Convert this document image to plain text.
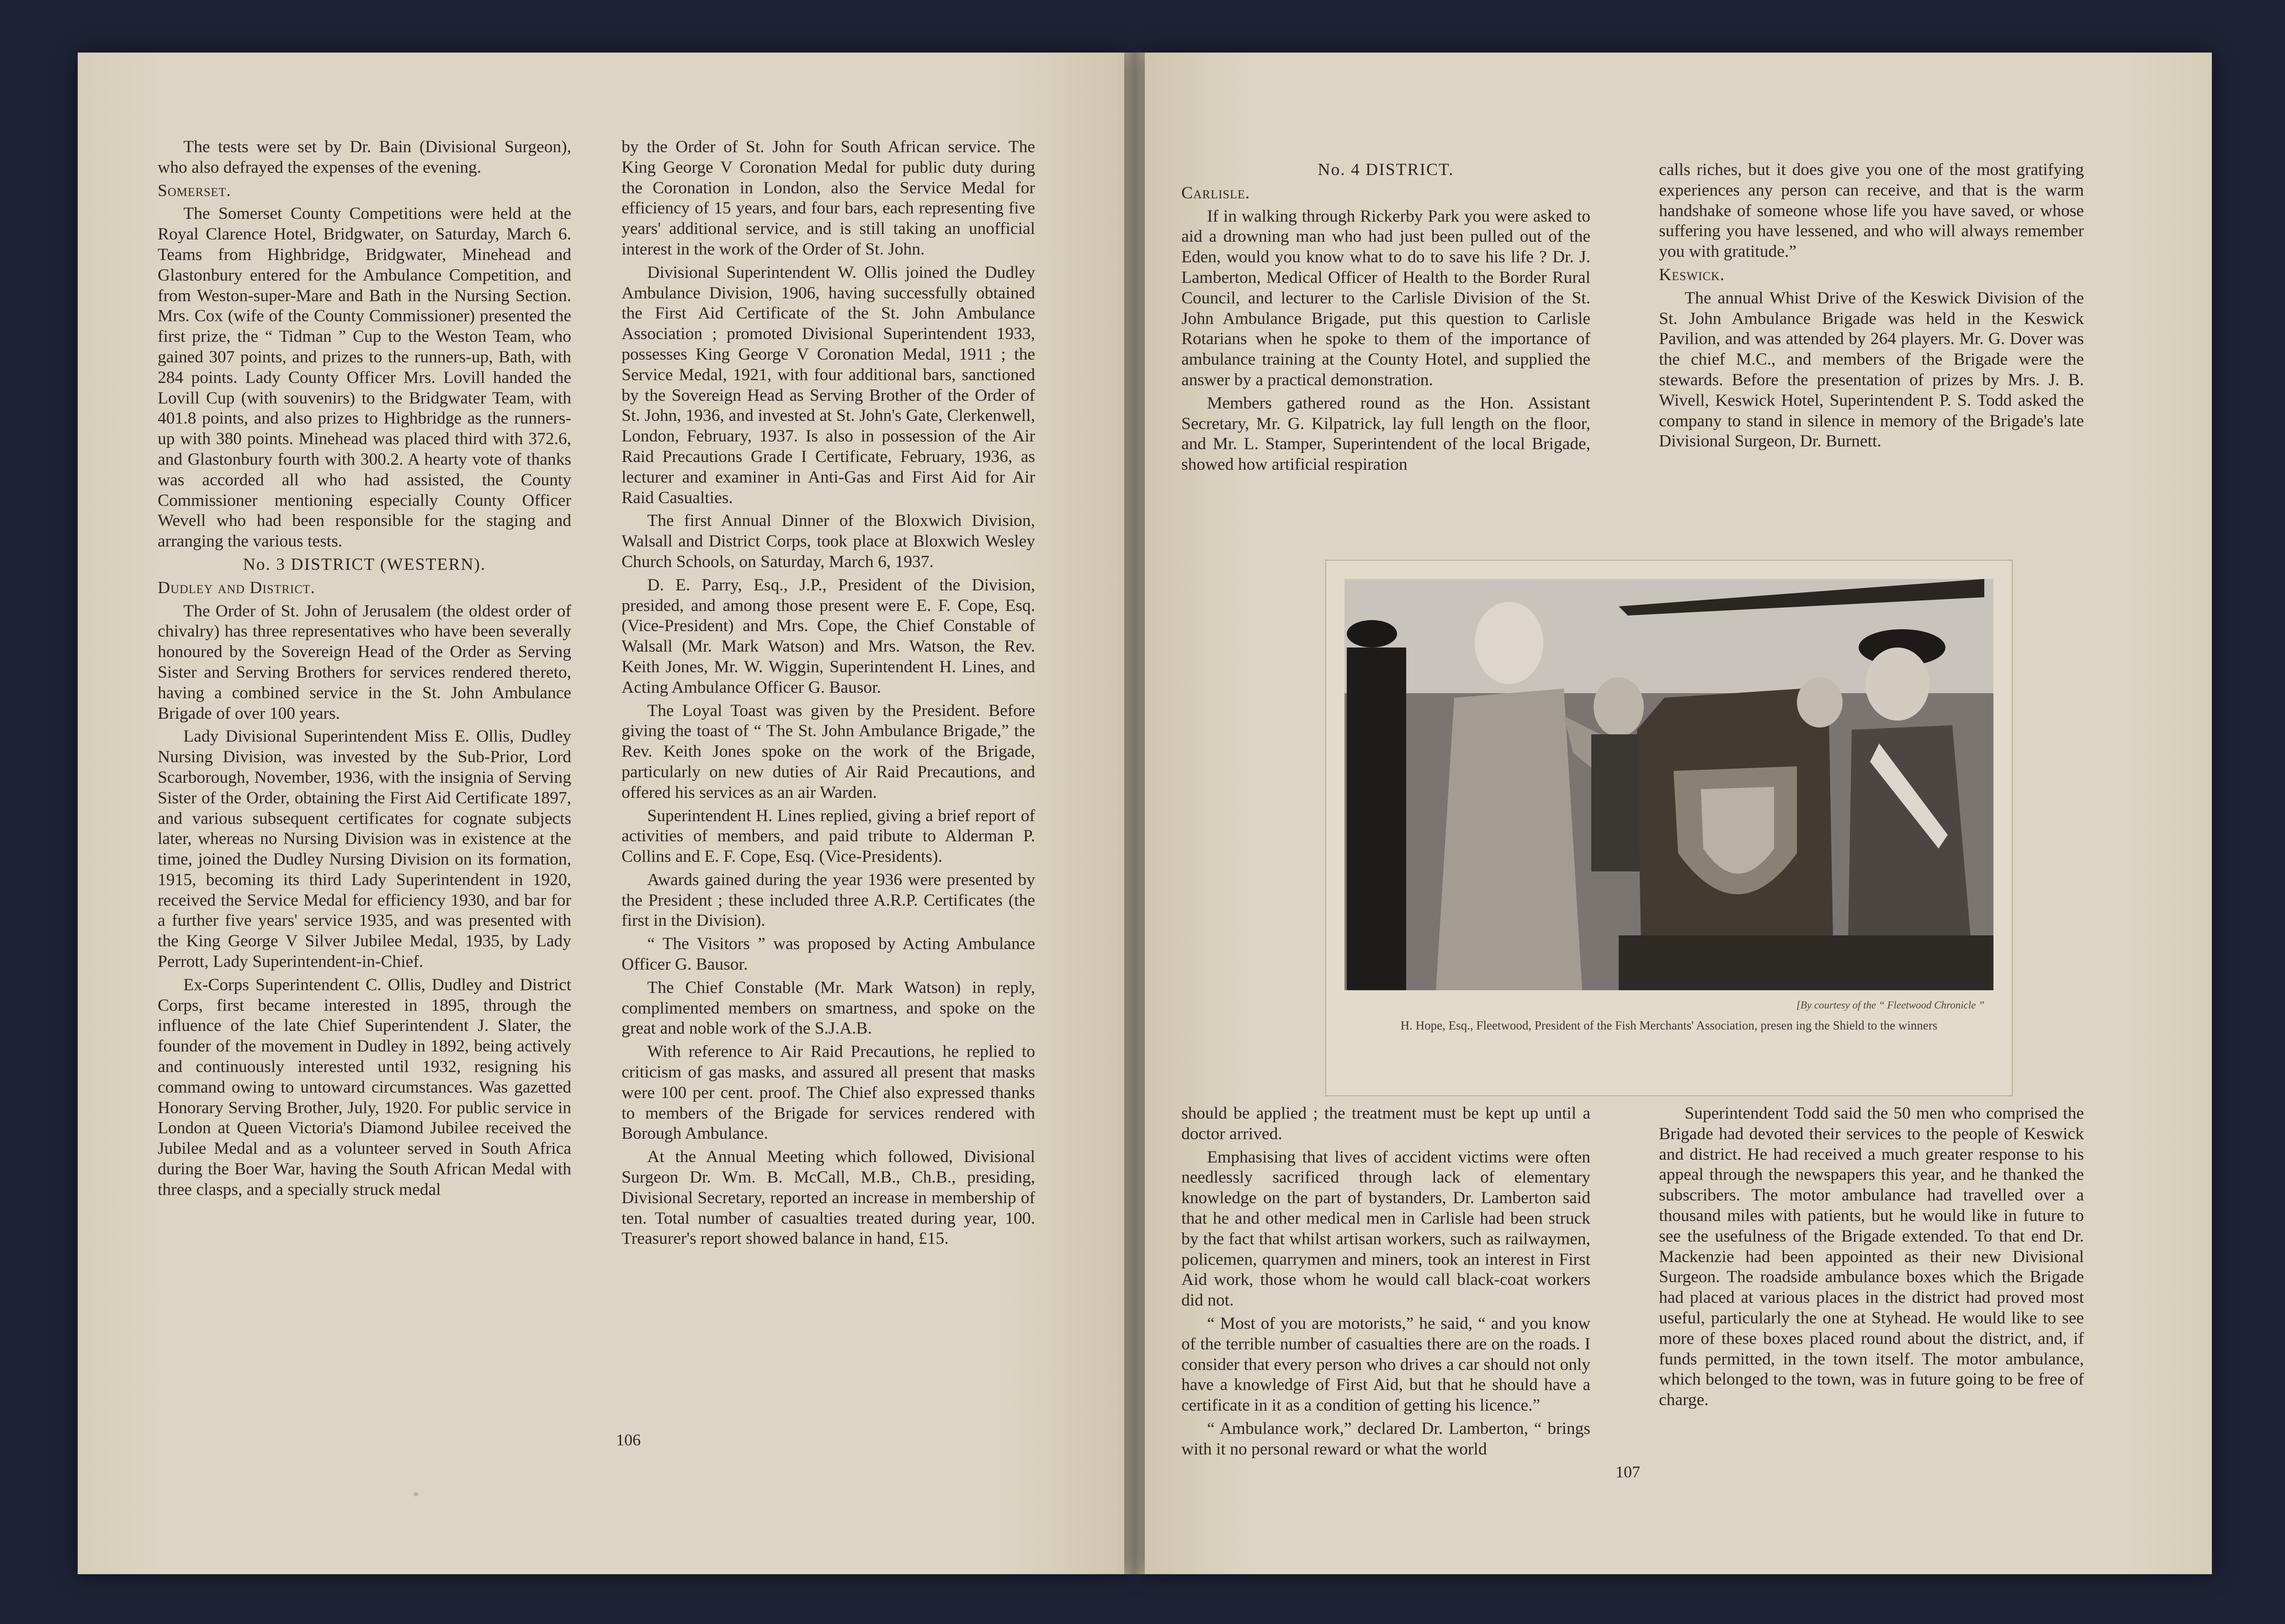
The tests were set by Dr. Bain (Divisional Surgeon), who also defrayed the expenses of the evening.

Somerset.

The Somerset County Competitions were held at the Royal Clarence Hotel, Bridgwater, on Saturday, March 6. Teams from Highbridge, Bridgwater, Minehead and Glastonbury entered for the Ambulance Competition, and from Weston-super-Mare and Bath in the Nursing Section. Mrs. Cox (wife of the County Commissioner) presented the first prize, the “ Tidman ” Cup to the Weston Team, who gained 307 points, and prizes to the runners-up, Bath, with 284 points. Lady County Officer Mrs. Lovill handed the Lovill Cup (with souvenirs) to the Bridgwater Team, with 401.8 points, and also prizes to Highbridge as the runners-up with 380 points. Minehead was placed third with 372.6, and Glastonbury fourth with 300.2. A hearty vote of thanks was accorded all who had assisted, the County Commissioner mentioning especially County Officer Wevell who had been responsible for the staging and arranging the various tests.

No. 3 DISTRICT (WESTERN).

Dudley and District.

The Order of St. John of Jerusalem (the oldest order of chivalry) has three representatives who have been severally honoured by the Sovereign Head of the Order as Serving Sister and Serving Brothers for services rendered thereto, having a combined service in the St. John Ambulance Brigade of over 100 years.

Lady Divisional Superintendent Miss E. Ollis, Dudley Nursing Division, was invested by the Sub-Prior, Lord Scarborough, November, 1936, with the insignia of Serving Sister of the Order, obtaining the First Aid Certificate 1897, and various subsequent certificates for cognate subjects later, whereas no Nursing Division was in existence at the time, joined the Dudley Nursing Division on its formation, 1915, becoming its third Lady Superintendent in 1920, received the Service Medal for efficiency 1930, and bar for a further five years' service 1935, and was presented with the King George V Silver Jubilee Medal, 1935, by Lady Perrott, Lady Superintendent-in-Chief.

Ex-Corps Superintendent C. Ollis, Dudley and District Corps, first became interested in 1895, through the influence of the late Chief Superintendent J. Slater, the founder of the movement in Dudley in 1892, being actively and continuously interested until 1932, resigning his command owing to untoward circumstances. Was gazetted Honorary Serving Brother, July, 1920. For public service in London at Queen Victoria's Diamond Jubilee received the Jubilee Medal and as a volunteer served in South Africa during the Boer War, having the South African Medal with three clasps, and a specially struck medal

by the Order of St. John for South African service. The King George V Coronation Medal for public duty during the Coronation in London, also the Service Medal for efficiency of 15 years, and four bars, each representing five years' additional service, and is still taking an unofficial interest in the work of the Order of St. John.

Divisional Superintendent W. Ollis joined the Dudley Ambulance Division, 1906, having successfully obtained the First Aid Certificate of the St. John Ambulance Association ; promoted Divisional Superintendent 1933, possesses King George V Coronation Medal, 1911 ; the Service Medal, 1921, with four additional bars, sanctioned by the Sovereign Head as Serving Brother of the Order of St. John, 1936, and invested at St. John's Gate, Clerkenwell, London, February, 1937. Is also in possession of the Air Raid Precautions Grade I Certificate, February, 1936, as lecturer and examiner in Anti-Gas and First Aid for Air Raid Casualties.

The first Annual Dinner of the Bloxwich Division, Walsall and District Corps, took place at Bloxwich Wesley Church Schools, on Saturday, March 6, 1937.

D. E. Parry, Esq., J.P., President of the Division, presided, and among those present were E. F. Cope, Esq. (Vice-President) and Mrs. Cope, the Chief Constable of Walsall (Mr. Mark Watson) and Mrs. Watson, the Rev. Keith Jones, Mr. W. Wiggin, Superintendent H. Lines, and Acting Ambulance Officer G. Bausor.

The Loyal Toast was given by the President. Before giving the toast of “ The St. John Ambulance Brigade,” the Rev. Keith Jones spoke on the work of the Brigade, particularly on new duties of Air Raid Precautions, and offered his services as an air Warden.

Superintendent H. Lines replied, giving a brief report of activities of members, and paid tribute to Alderman P. Collins and E. F. Cope, Esq. (Vice-Presidents).

Awards gained during the year 1936 were presented by the President ; these included three A.R.P. Certificates (the first in the Division).

“ The Visitors ” was proposed by Acting Ambulance Officer G. Bausor.

The Chief Constable (Mr. Mark Watson) in reply, complimented members on smartness, and spoke on the great and noble work of the S.J.A.B.

With reference to Air Raid Precautions, he replied to criticism of gas masks, and assured all present that masks were 100 per cent. proof. The Chief also expressed thanks to members of the Brigade for services rendered with Borough Ambulance.

At the Annual Meeting which followed, Divisional Surgeon Dr. Wm. B. McCall, M.B., Ch.B., presiding, Divisional Secretary, reported an increase in membership of ten. Total number of casualties treated during year, 100. Treasurer's report showed balance in hand, £15.

106

No. 4 DISTRICT.

Carlisle.

If in walking through Rickerby Park you were asked to aid a drowning man who had just been pulled out of the Eden, would you know what to do to save his life ? Dr. J. Lamberton, Medical Officer of Health to the Border Rural Council, and lecturer to the Carlisle Division of the St. John Ambulance Brigade, put this question to Carlisle Rotarians when he spoke to them of the importance of ambulance training at the County Hotel, and supplied the answer by a practical demonstration.

Members gathered round as the Hon. Assistant Secretary, Mr. G. Kilpatrick, lay full length on the floor, and Mr. L. Stamper, Superintendent of the local Brigade, showed how artificial respiration

calls riches, but it does give you one of the most gratifying experiences any person can receive, and that is the warm handshake of someone whose life you have saved, or whose suffering you have lessened, and who will always remember you with gratitude.”

Keswick.

The annual Whist Drive of the Keswick Division of the St. John Ambulance Brigade was held in the Keswick Pavilion, and was attended by 264 players. Mr. G. Dover was the chief M.C., and members of the Brigade were the stewards. Before the presentation of prizes by Mrs. J. B. Wivell, Keswick Hotel, Superintendent P. S. Todd asked the company to stand in silence in memory of the Brigade's late Divisional Surgeon, Dr. Burnett.

[By courtesy of the “ Fleetwood Chronicle ”
H. Hope, Esq., Fleetwood, President of the Fish Merchants' Association, presen ing the Shield to the winners

should be applied ; the treatment must be kept up until a doctor arrived.

Emphasising that lives of accident victims were often needlessly sacrificed through lack of elementary knowledge on the part of bystanders, Dr. Lamberton said that he and other medical men in Carlisle had been struck by the fact that whilst artisan workers, such as railwaymen, policemen, quarrymen and miners, took an interest in First Aid work, those whom he would call black-coat workers did not.

“ Most of you are motorists,” he said, “ and you know of the terrible number of casualties there are on the roads. I consider that every person who drives a car should not only have a knowledge of First Aid, but that he should have a certificate in it as a condition of getting his licence.”

“ Ambulance work,” declared Dr. Lamberton, “ brings with it no personal reward or what the world

Superintendent Todd said the 50 men who comprised the Brigade had devoted their services to the people of Keswick and district. He had received a much greater response to his appeal through the newspapers this year, and he thanked the subscribers. The motor ambulance had travelled over a thousand miles with patients, but he would like in future to see the usefulness of the Brigade extended. To that end Dr. Mackenzie had been appointed as their new Divisional Surgeon. The roadside ambulance boxes which the Brigade had placed at various places in the district had proved most useful, particularly the one at Styhead. He would like to see more of these boxes placed round about the district, and, if funds permitted, in the town itself. The motor ambulance, which belonged to the town, was in future going to be free of charge.

107
